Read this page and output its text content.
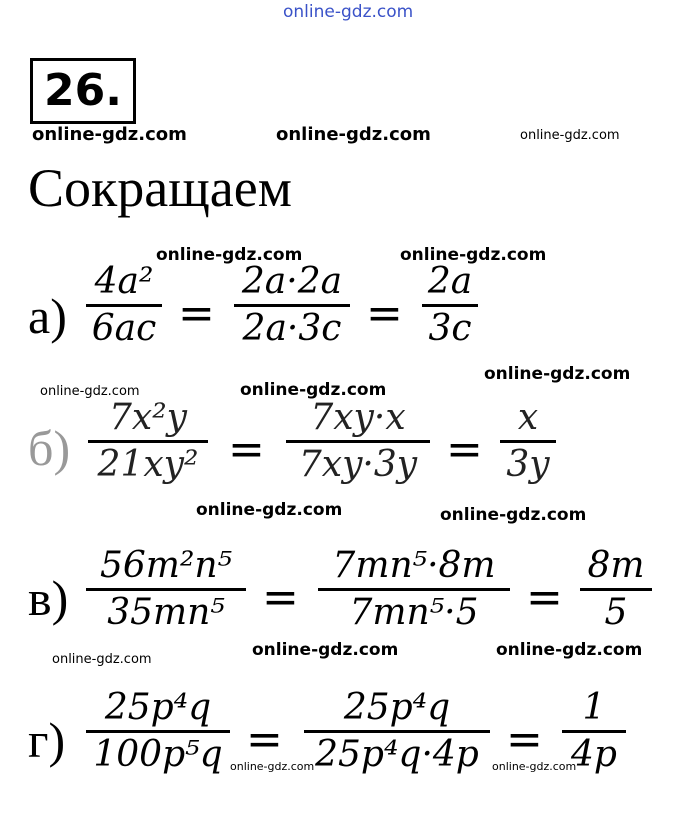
online-gdz.com
online-gdz.com	online-gdz.com	online-gdz.com
online-gdz.com	online-gdz.com
online-gdz.com	online-gdz.com
online-gdz.com
online-gdz.com	online-gdz.com
online-gdz.com	online-gdz.com	online-gdz.com
online-gdz.com	online-gdz.com
26.
Сокращаем
а)
4a²
6ac =
2a·2a
2a·3c =
2a
3c
б)
7x²y
21xy² =
7xy·x
7xy·3y =
x
3y
в)
56m²n⁵
35mn⁵ =
7mn⁵·8m
7mn⁵·5 =
8m
5
г)
25p⁴q
100p⁵q =
25p⁴q
25p⁴q·4p =
1
4p
